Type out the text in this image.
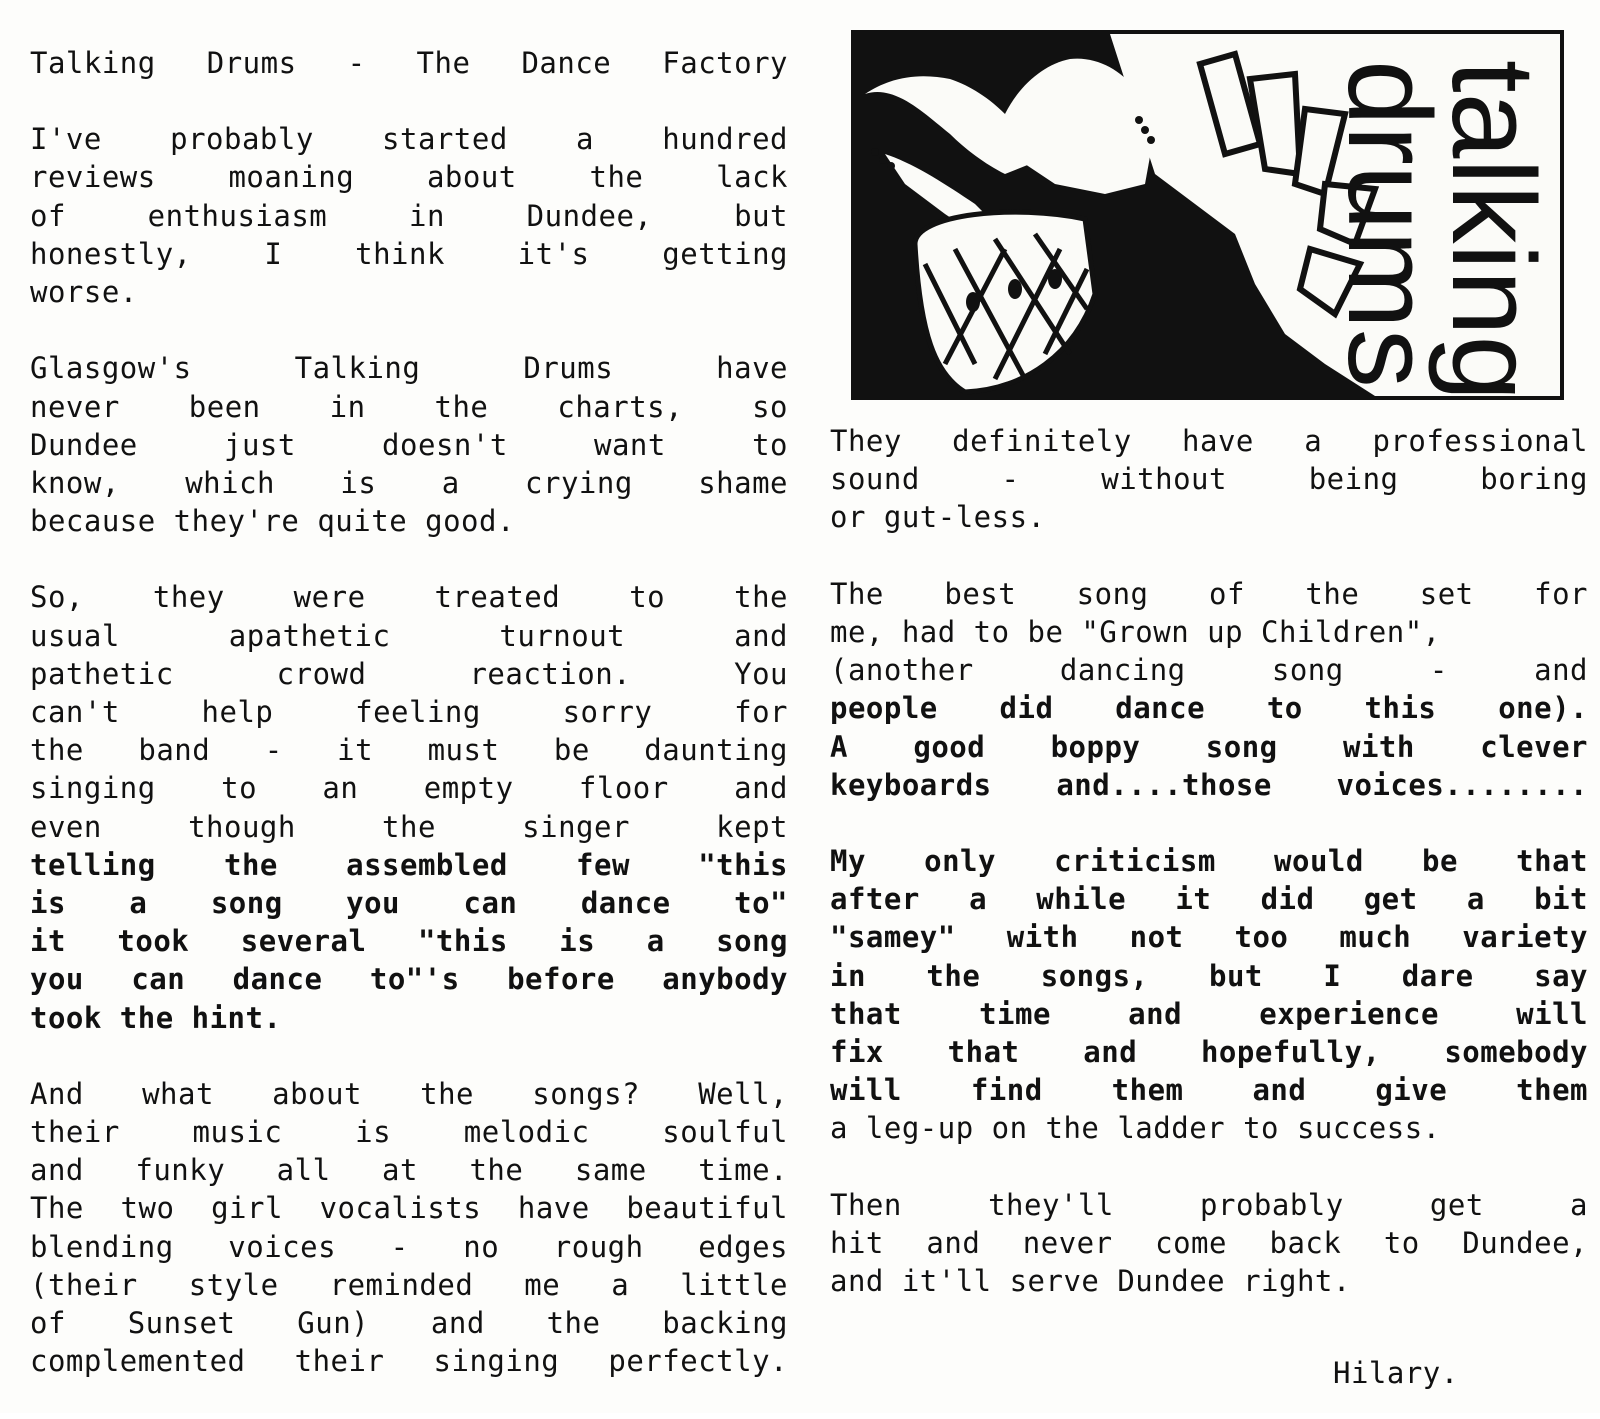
Talking Drums - The Dance Factory
I've probably started a hundred
reviews moaning about the lack
of enthusiasm in Dundee, but
honestly, I think it's getting
worse.
Glasgow's Talking Drums have
never been in the charts, so
Dundee just doesn't want to
know, which is a crying shame
because they're quite good.
So, they were treated to the
usual apathetic turnout and
pathetic crowd reaction. You
can't help feeling sorry for
the band - it must be daunting
singing to an empty floor and
even though the singer kept
telling the assembled few "this
is a song you can dance to"
it took several "this is a song
you can dance to"'s before anybody
took the hint.
And what about the songs? Well,
their music is melodic soulful
and funky all at the same time.
The two girl vocalists have beautiful
blending voices - no rough edges
(their style reminded me a little
of Sunset Gun) and the backing
complemented their singing perfectly.
talking
drums
They definitely have a professional
sound - without being boring
or gut-less.
The best song of the set for
me, had to be "Grown up Children",
(another dancing song - and
people did dance to this one).
A good boppy song with clever
keyboards and....those voices........
My only criticism would be that
after a while it did get a bit
"samey" with not too much variety
in the songs, but I dare say
that time and experience will
fix that and hopefully, somebody
will find them and give them
a leg-up on the ladder to success.
Then they'll probably get a
hit and never come back to Dundee,
and it'll serve Dundee right.
Hilary.
